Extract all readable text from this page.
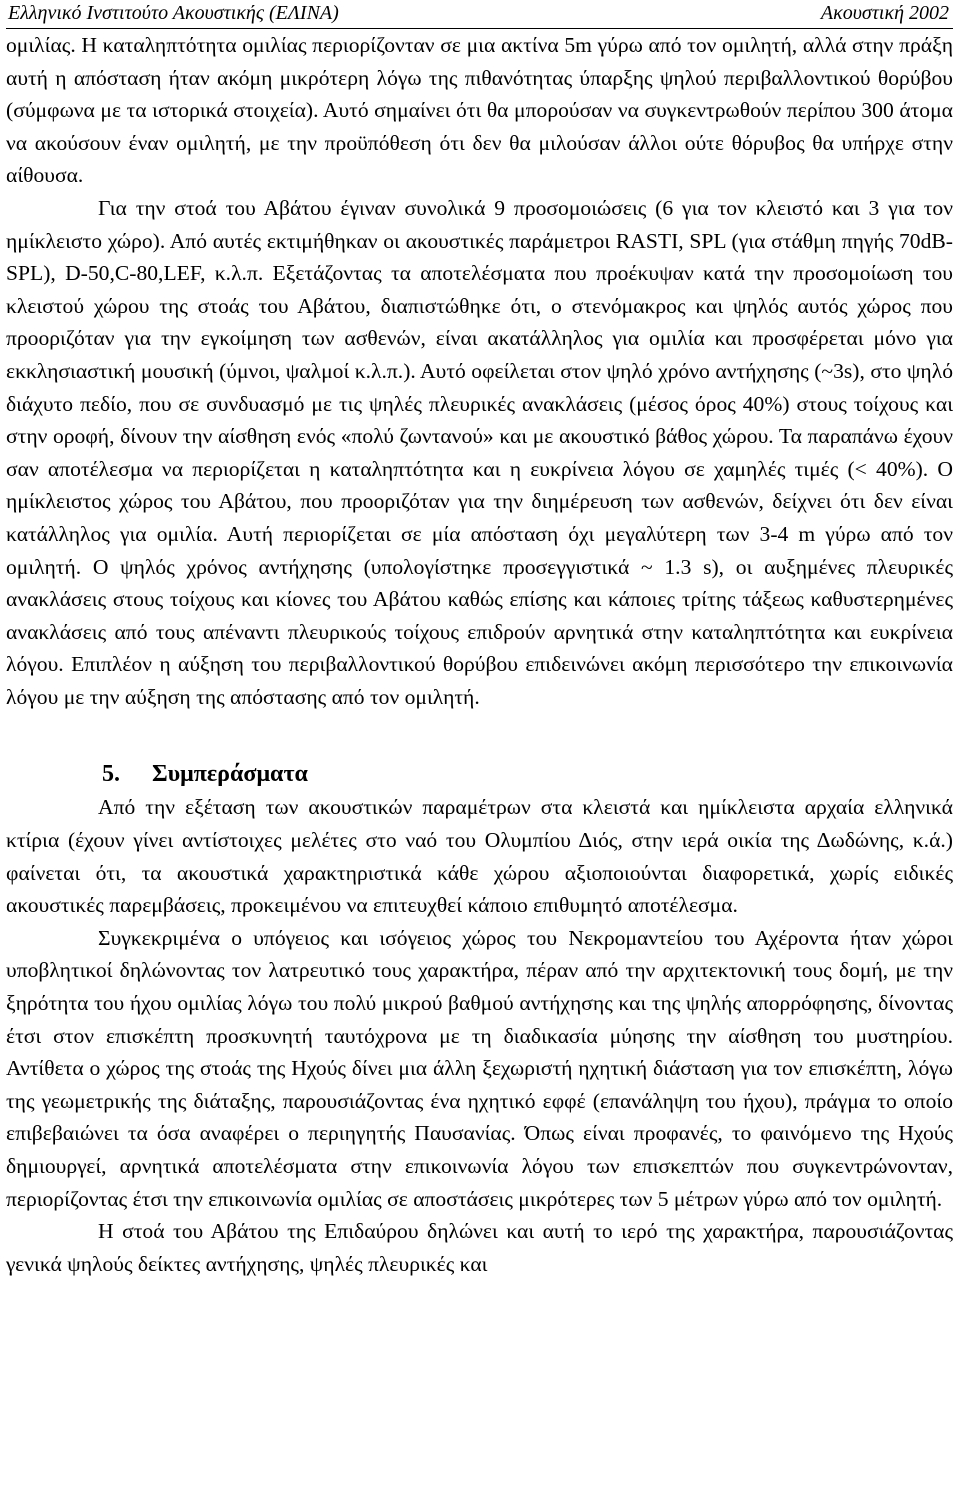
Ελληνικό Ινστιτούτο Ακουστικής (ΕΛΙΝΑ)	Ακουστική 2002

ομιλίας. Η καταληπτότητα ομιλίας περιορίζονταν σε μια ακτίνα 5m γύρω από τον ομιλητή, αλλά στην πράξη αυτή η απόσταση ήταν ακόμη μικρότερη λόγω της πιθανότητας ύπαρξης ψηλού περιβαλλοντικού θορύβου (σύμφωνα με τα ιστορικά στοιχεία). Αυτό σημαίνει ότι θα μπορούσαν να συγκεντρωθούν περίπου 300 άτομα να ακούσουν έναν ομιλητή, με την προϋπόθεση ότι δεν θα μιλούσαν άλλοι ούτε θόρυβος θα υπήρχε στην αίθουσα.

Για την στοά του Αβάτου έγιναν συνολικά 9 προσομοιώσεις (6 για τον κλειστό και 3 για τον ημίκλειστο χώρο). Από αυτές εκτιμήθηκαν οι ακουστικές παράμετροι RASTI, SPL (για στάθμη πηγής 70dB-SPL), D-50,C-80,LEF, κ.λ.π. Εξετάζοντας τα αποτελέσματα που προέκυψαν κατά την προσομοίωση του κλειστού χώρου της στοάς του Αβάτου, διαπιστώθηκε ότι, ο στενόμακρος και ψηλός αυτός χώρος που προοριζόταν για την εγκοίμηση των ασθενών, είναι ακατάλληλος για ομιλία και προσφέρεται μόνο για εκκλησιαστική μουσική (ύμνοι, ψαλμοί κ.λ.π.). Αυτό οφείλεται στον ψηλό χρόνο αντήχησης (~3s), στο ψηλό διάχυτο πεδίο, που σε συνδυασμό με τις ψηλές πλευρικές ανακλάσεις (μέσος όρος 40%) στους τοίχους και στην οροφή, δίνουν την αίσθηση ενός «πολύ ζωντανού» και με ακουστικό βάθος χώρου. Τα παραπάνω έχουν σαν αποτέλεσμα να περιορίζεται η καταληπτότητα και η ευκρίνεια λόγου σε χαμηλές τιμές (< 40%). Ο ημίκλειστος χώρος του Αβάτου, που προοριζόταν για την διημέρευση των ασθενών, δείχνει ότι δεν είναι κατάλληλος για ομιλία. Αυτή περιορίζεται σε μία απόσταση όχι μεγαλύτερη των 3-4 m γύρω από τον ομιλητή. Ο ψηλός χρόνος αντήχησης (υπολογίστηκε προσεγγιστικά ~ 1.3 s), οι αυξημένες πλευρικές ανακλάσεις στους τοίχους και κίονες του Αβάτου καθώς επίσης και κάποιες τρίτης τάξεως καθυστερημένες ανακλάσεις από τους απέναντι πλευρικούς τοίχους επιδρούν αρνητικά στην καταληπτότητα και ευκρίνεια λόγου. Επιπλέον η αύξηση του περιβαλλοντικού θορύβου επιδεινώνει ακόμη περισσότερο την επικοινωνία λόγου με την αύξηση της απόστασης από τον ομιλητή.

5. Συμπεράσματα

Από την εξέταση των ακουστικών παραμέτρων στα κλειστά και ημίκλειστα αρχαία ελληνικά κτίρια (έχουν γίνει αντίστοιχες μελέτες στο ναό του Ολυμπίου Διός, στην ιερά οικία της Δωδώνης, κ.ά.) φαίνεται ότι, τα ακουστικά χαρακτηριστικά κάθε χώρου αξιοποιούνται διαφορετικά, χωρίς ειδικές ακουστικές παρεμβάσεις, προκειμένου να επιτευχθεί κάποιο επιθυμητό αποτέλεσμα.

Συγκεκριμένα ο υπόγειος και ισόγειος χώρος του Νεκρομαντείου του Αχέροντα ήταν χώροι υποβλητικοί δηλώνοντας τον λατρευτικό τους χαρακτήρα, πέραν από την αρχιτεκτονική τους δομή, με την ξηρότητα του ήχου ομιλίας λόγω του πολύ μικρού βαθμού αντήχησης και της ψηλής απορρόφησης, δίνοντας έτσι στον επισκέπτη προσκυνητή ταυτόχρονα με τη διαδικασία μύησης την αίσθηση του μυστηρίου. Αντίθετα ο χώρος της στοάς της Ηχούς δίνει μια άλλη ξεχωριστή ηχητική διάσταση για τον επισκέπτη, λόγω της γεωμετρικής της διάταξης, παρουσιάζοντας ένα ηχητικό εφφέ (επανάληψη του ήχου), πράγμα το οποίο επιβεβαιώνει τα όσα αναφέρει ο περιηγητής Παυσανίας. Όπως είναι προφανές, το φαινόμενο της Ηχούς δημιουργεί, αρνητικά αποτελέσματα στην επικοινωνία λόγου των επισκεπτών που συγκεντρώνονταν, περιορίζοντας έτσι την επικοινωνία ομιλίας σε αποστάσεις μικρότερες των 5 μέτρων γύρω από τον ομιλητή.

Η στοά του Αβάτου της Επιδαύρου δηλώνει και αυτή το ιερό της χαρακτήρα, παρουσιάζοντας γενικά ψηλούς δείκτες αντήχησης, ψηλές πλευρικές και
